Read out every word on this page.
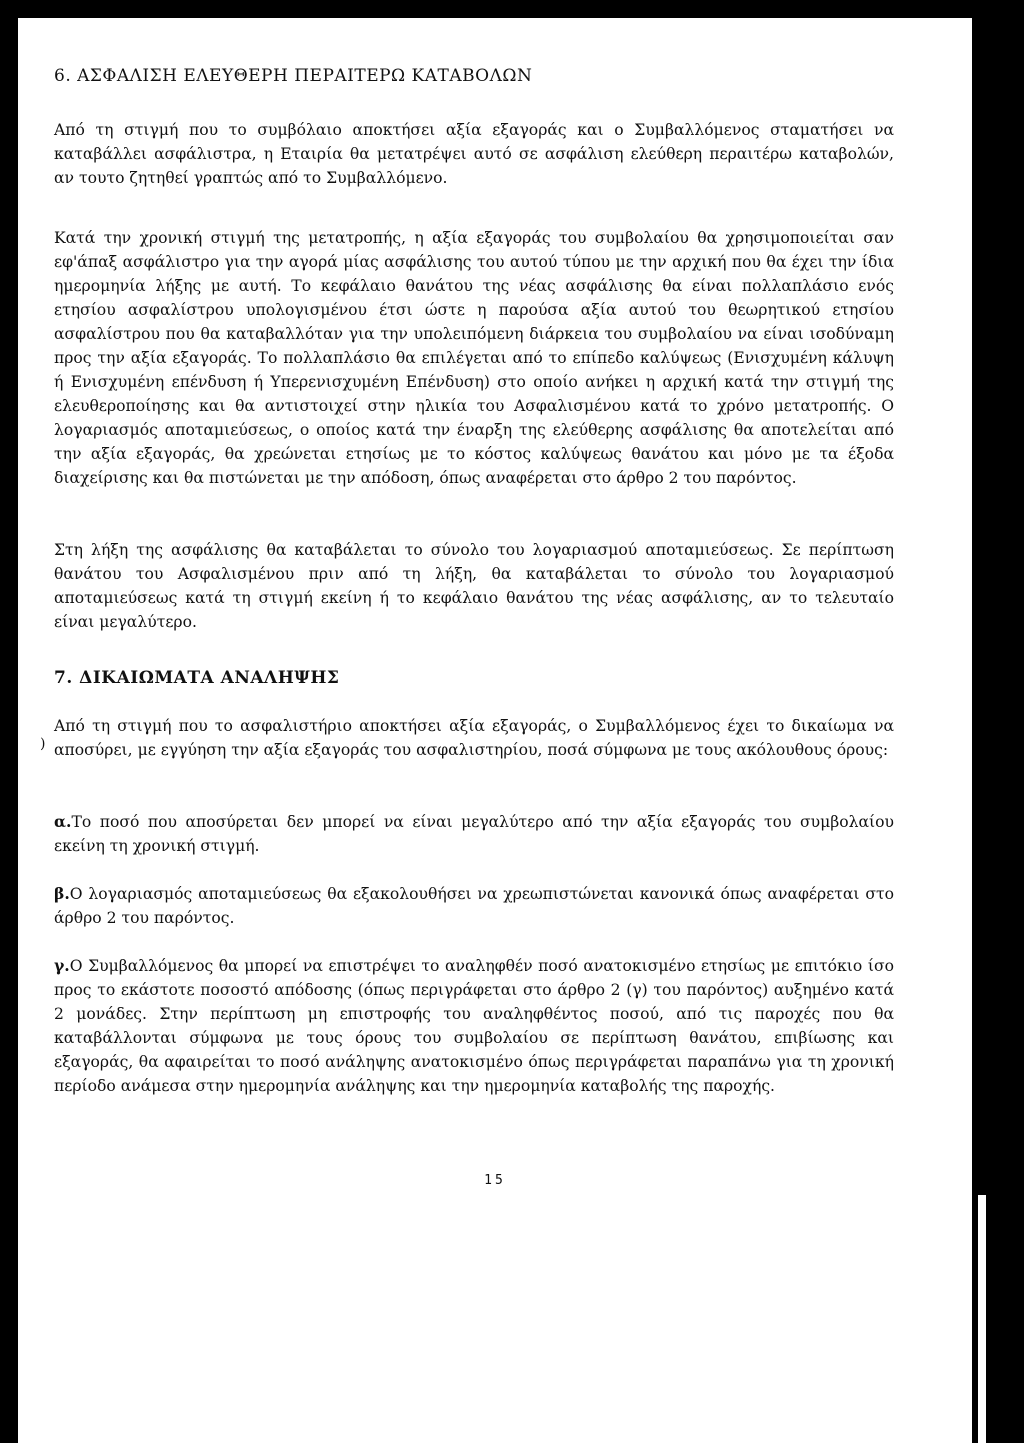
6. ΑΣΦΑΛΙΣΗ ΕΛΕΥΘΕΡΗ ΠΕΡΑΙΤΕΡΩ ΚΑΤΑΒΟΛΩΝ

Από τη στιγμή που το συμβόλαιο αποκτήσει αξία εξαγοράς και ο Συμβαλλόμενος σταματήσει να καταβάλλει ασφάλιστρα, η Εταιρία θα μετατρέψει αυτό σε ασφάλιση ελεύθερη περαιτέρω καταβολών, αν τουτο ζητηθεί γραπτώς από το Συμβαλλόμενο.

Κατά την χρονική στιγμή της μετατροπής, η αξία εξαγοράς του συμβολαίου θα χρησιμοποιείται σαν εφ'άπαξ ασφάλιστρο για την αγορά μίας ασφάλισης του αυτού τύπου με την αρχική που θα έχει την ίδια ημερομηνία λήξης με αυτή. Το κεφάλαιο θανάτου της νέας ασφάλισης θα είναι πολλαπλάσιο ενός ετησίου ασφαλίστρου υπολογισμένου έτσι ώστε η παρούσα αξία αυτού του θεωρητικού ετησίου ασφαλίστρου που θα καταβαλλόταν για την υπολειπόμενη διάρκεια του συμβολαίου να είναι ισοδύναμη προς την αξία εξαγοράς. Το πολλαπλάσιο θα επιλέγεται από το επίπεδο καλύψεως (Ενισχυμένη κάλυψη ή Ενισχυμένη επένδυση ή Υπερενισχυμένη Επένδυση) στο οποίο ανήκει η αρχική κατά την στιγμή της ελευθεροποίησης και θα αντιστοιχεί στην ηλικία του Ασφαλισμένου κατά το χρόνο μετατροπής. Ο λογαριασμός αποταμιεύσεως, ο οποίος κατά την έναρξη της ελεύθερης ασφάλισης θα αποτελείται από την αξία εξαγοράς, θα χρεώνεται ετησίως με το κόστος καλύψεως θανάτου και μόνο με τα έξοδα διαχείρισης και θα πιστώνεται με την απόδοση, όπως αναφέρεται στο άρθρο 2 του παρόντος.

Στη λήξη της ασφάλισης θα καταβάλεται το σύνολο του λογαριασμού αποταμιεύσεως. Σε περίπτωση θανάτου του Ασφαλισμένου πριν από τη λήξη, θα καταβάλεται το σύνολο του λογαριασμού αποταμιεύσεως κατά τη στιγμή εκείνη ή το κεφάλαιο θανάτου της νέας ασφάλισης, αν το τελευταίο είναι μεγαλύτερο.

7. ΔΙΚΑΙΩΜΑΤΑ ΑΝΑΛΗΨΗΣ

Από τη στιγμή που το ασφαλιστήριο αποκτήσει αξία εξαγοράς, ο Συμβαλλόμενος έχει το δικαίωμα να αποσύρει, με εγγύηση την αξία εξαγοράς του ασφαλιστηρίου, ποσά σύμφωνα με τους ακόλουθους όρους:

α.Το ποσό που αποσύρεται δεν μπορεί να είναι μεγαλύτερο από την αξία εξαγοράς του συμβολαίου εκείνη τη χρονική στιγμή.

β.Ο λογαριασμός αποταμιεύσεως θα εξακολουθήσει να χρεωπιστώνεται κανονικά όπως αναφέρεται στο άρθρο 2 του παρόντος.

γ.Ο Συμβαλλόμενος θα μπορεί να επιστρέψει το αναληφθέν ποσό ανατοκισμένο ετησίως με επιτόκιο ίσο προς το εκάστοτε ποσοστό απόδοσης (όπως περιγράφεται στο άρθρο 2 (γ) του παρόντος) αυξημένο κατά 2 μονάδες. Στην περίπτωση μη επιστροφής του αναληφθέντος ποσού, από τις παροχές που θα καταβάλλονται σύμφωνα με τους όρους του συμβολαίου σε περίπτωση θανάτου, επιβίωσης και εξαγοράς, θα αφαιρείται το ποσό ανάληψης ανατοκισμένο όπως περιγράφεται παραπάνω για τη χρονική περίοδο ανάμεσα στην ημερομηνία ανάληψης και την ημερομηνία καταβολής της παροχής.

)
15
